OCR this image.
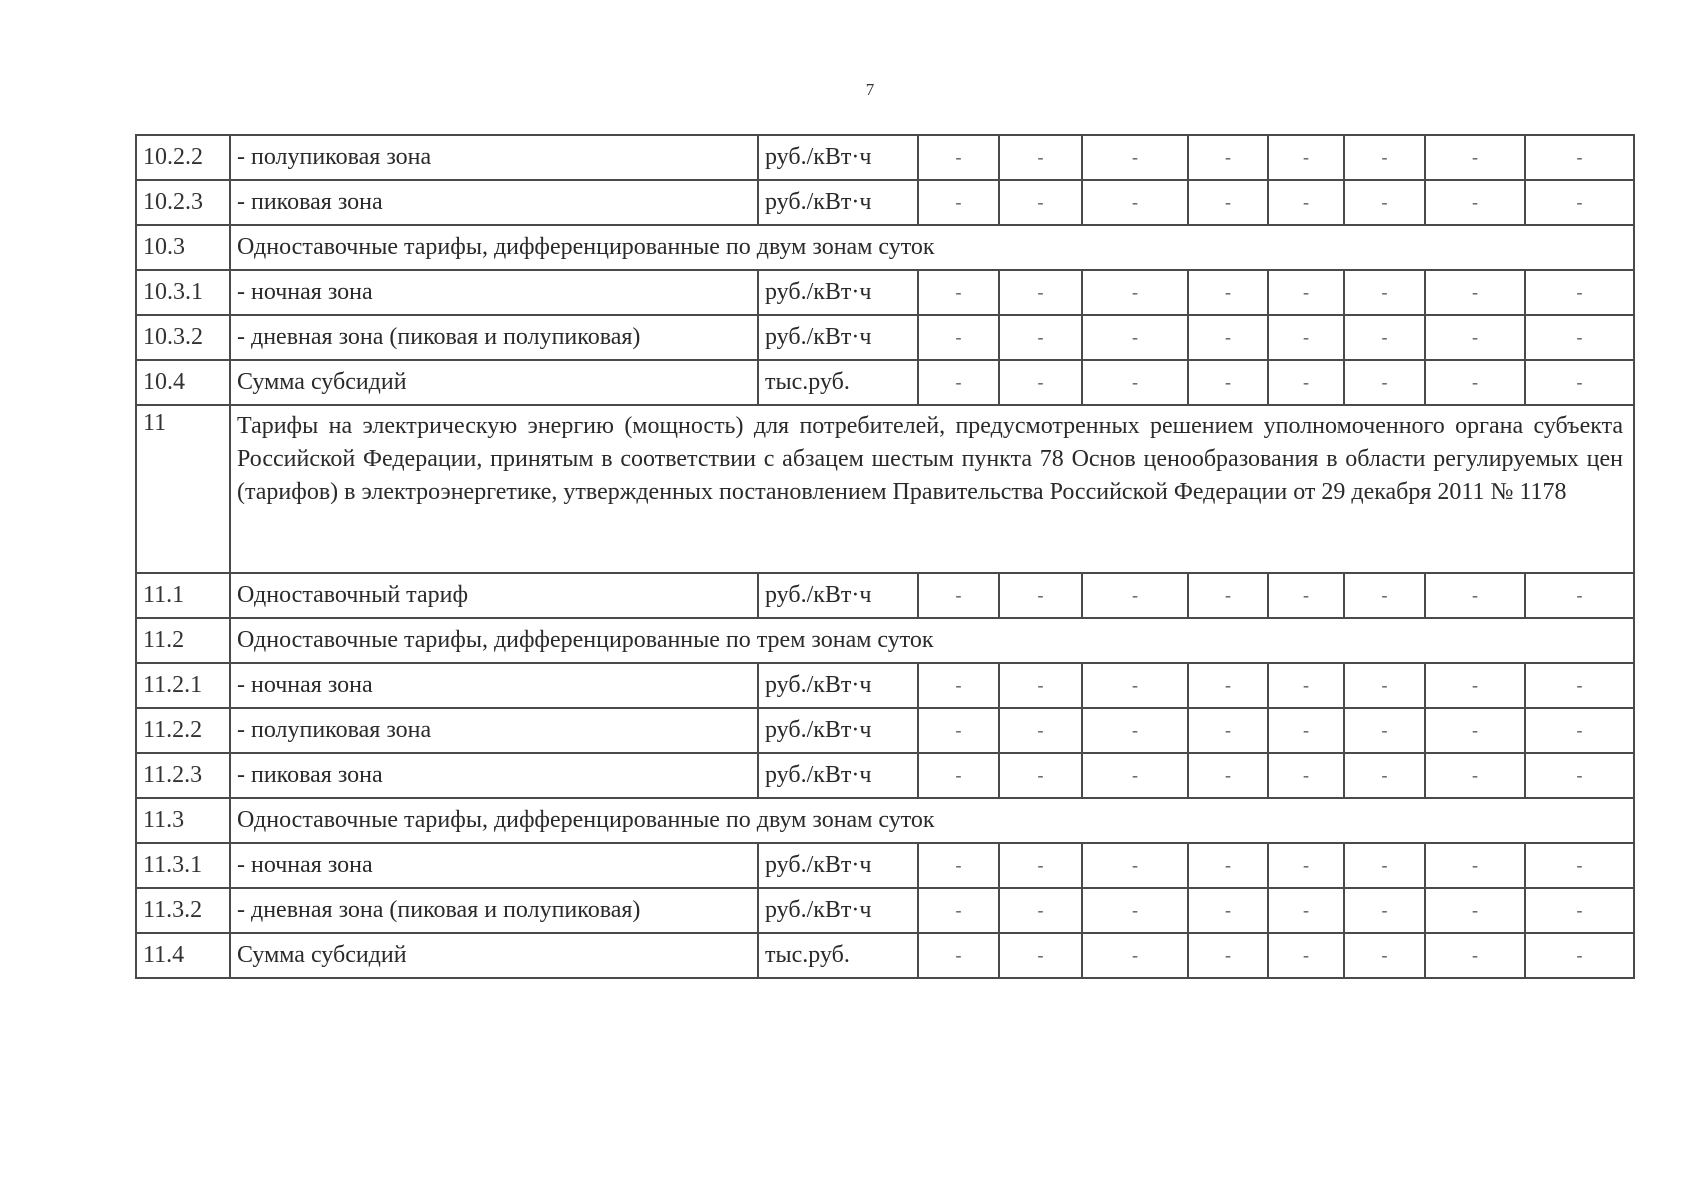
7
10.2.2	- полупиковая зона	руб./кВт·ч	-	-	-	-	-	-	-	-
10.2.3	- пиковая зона	руб./кВт·ч	-	-	-	-	-	-	-	-
10.3	Одноставочные тарифы, дифференцированные по двум зонам суток									
10.3.1	- ночная зона	руб./кВт·ч	-	-	-	-	-	-	-	-
10.3.2	- дневная зона (пиковая и полупиковая)	руб./кВт·ч	-	-	-	-	-	-	-	-
10.4	Сумма субсидий	тыс.руб.	-	-	-	-	-	-	-	-
11	Тарифы на электрическую энергию (мощность) для потребителей, предусмотренных решением уполномоченного органа субъекта Российской Федерации, принятым в соответствии с абзацем шестым пункта 78 Основ ценообразования в области регулируемых цен (тарифов) в электроэнергетике, утвержденных постановлением Правительства Российской Федерации от 29 декабря 2011 № 1178									
11.1	Одноставочный тариф	руб./кВт·ч	-	-	-	-	-	-	-	-
11.2	Одноставочные тарифы, дифференцированные по трем зонам суток									
11.2.1	- ночная зона	руб./кВт·ч	-	-	-	-	-	-	-	-
11.2.2	- полупиковая зона	руб./кВт·ч	-	-	-	-	-	-	-	-
11.2.3	- пиковая зона	руб./кВт·ч	-	-	-	-	-	-	-	-
11.3	Одноставочные тарифы, дифференцированные по двум зонам суток									
11.3.1	- ночная зона	руб./кВт·ч	-	-	-	-	-	-	-	-
11.3.2	- дневная зона (пиковая и полупиковая)	руб./кВт·ч	-	-	-	-	-	-	-	-
11.4	Сумма субсидий	тыс.руб.	-	-	-	-	-	-	-	-
